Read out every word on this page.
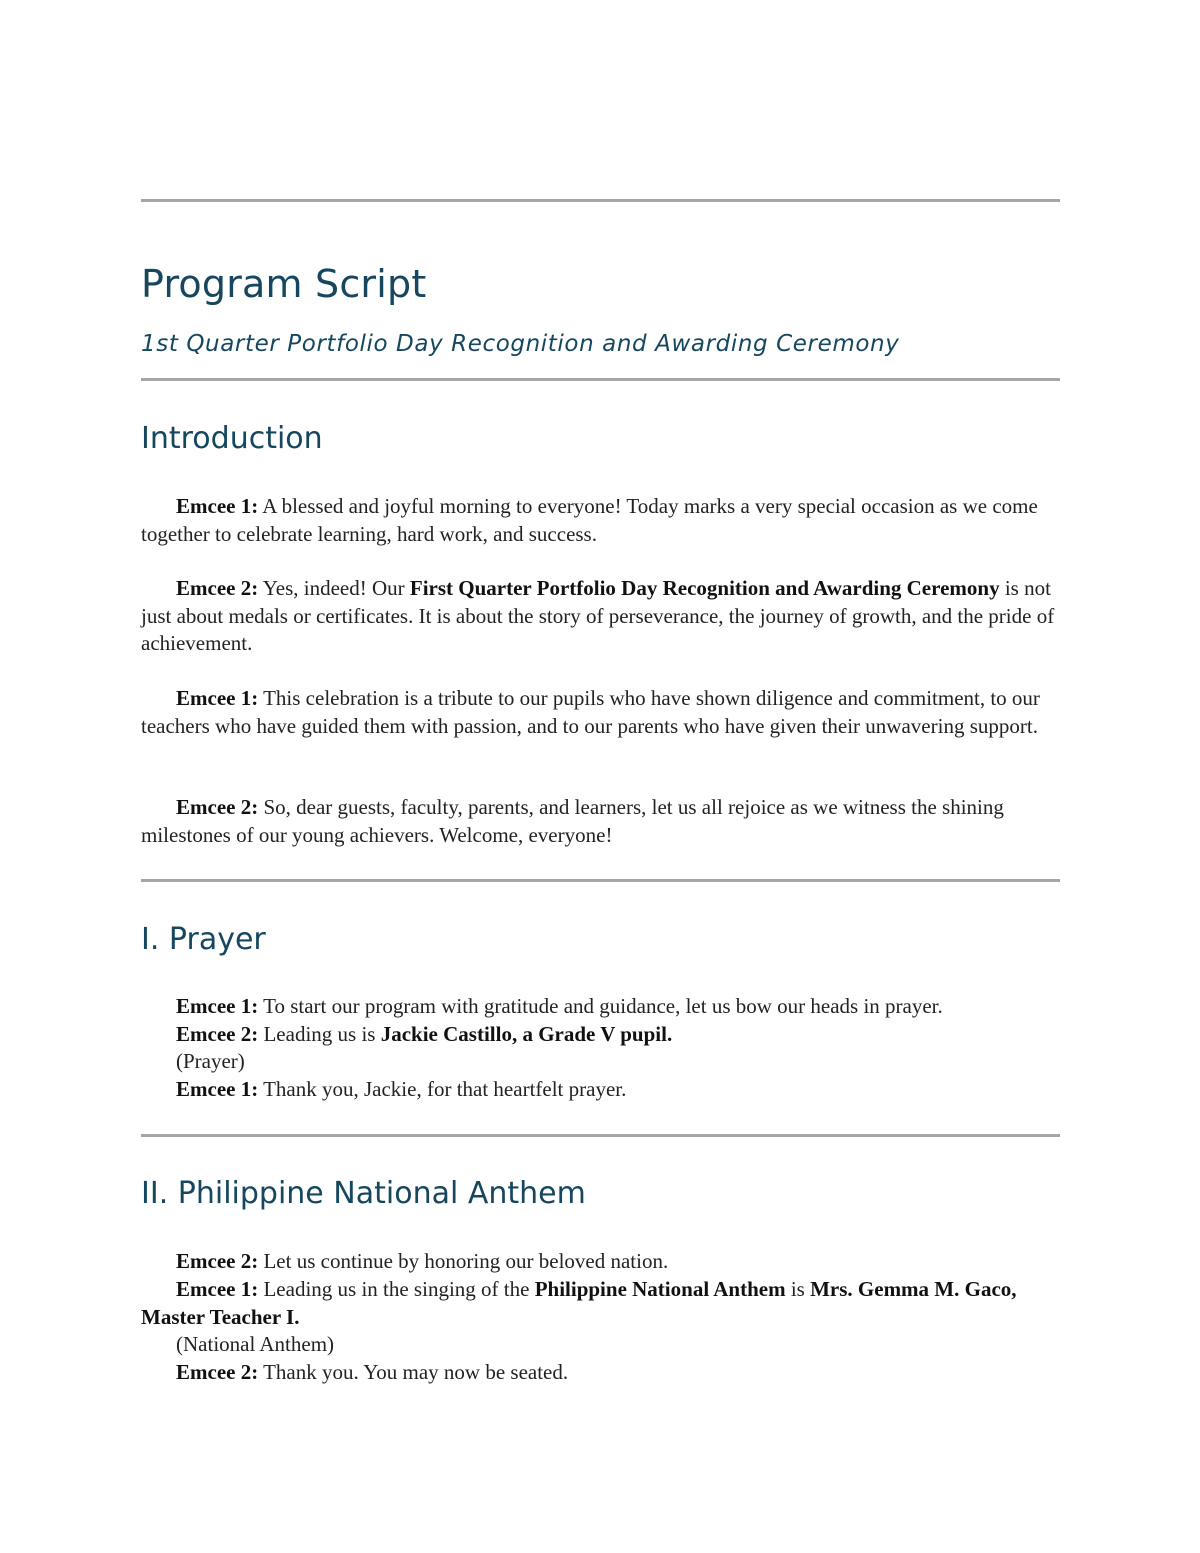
Program Script
1st Quarter Portfolio Day Recognition and Awarding Ceremony
Introduction

Emcee 1: A blessed and joyful morning to everyone! Today marks a very special occasion as we come together to celebrate learning, hard work, and success.

Emcee 2: Yes, indeed! Our First Quarter Portfolio Day Recognition and Awarding Ceremony is not just about medals or certificates. It is about the story of perseverance, the journey of growth, and the pride of achievement.

Emcee 1: This celebration is a tribute to our pupils who have shown diligence and commitment, to our teachers who have guided them with passion, and to our parents who have given their unwavering support.

Emcee 2: So, dear guests, faculty, parents, and learners, let us all rejoice as we witness the shining milestones of our young achievers. Welcome, everyone!

I. Prayer

Emcee 1: To start our program with gratitude and guidance, let us bow our heads in prayer.

Emcee 2: Leading us is Jackie Castillo, a Grade V pupil.

(Prayer)

Emcee 1: Thank you, Jackie, for that heartfelt prayer.

II. Philippine National Anthem

Emcee 2: Let us continue by honoring our beloved nation.

Emcee 1: Leading us in the singing of the Philippine National Anthem is Mrs. Gemma M. Gaco, Master Teacher I.

(National Anthem)

Emcee 2: Thank you. You may now be seated.
